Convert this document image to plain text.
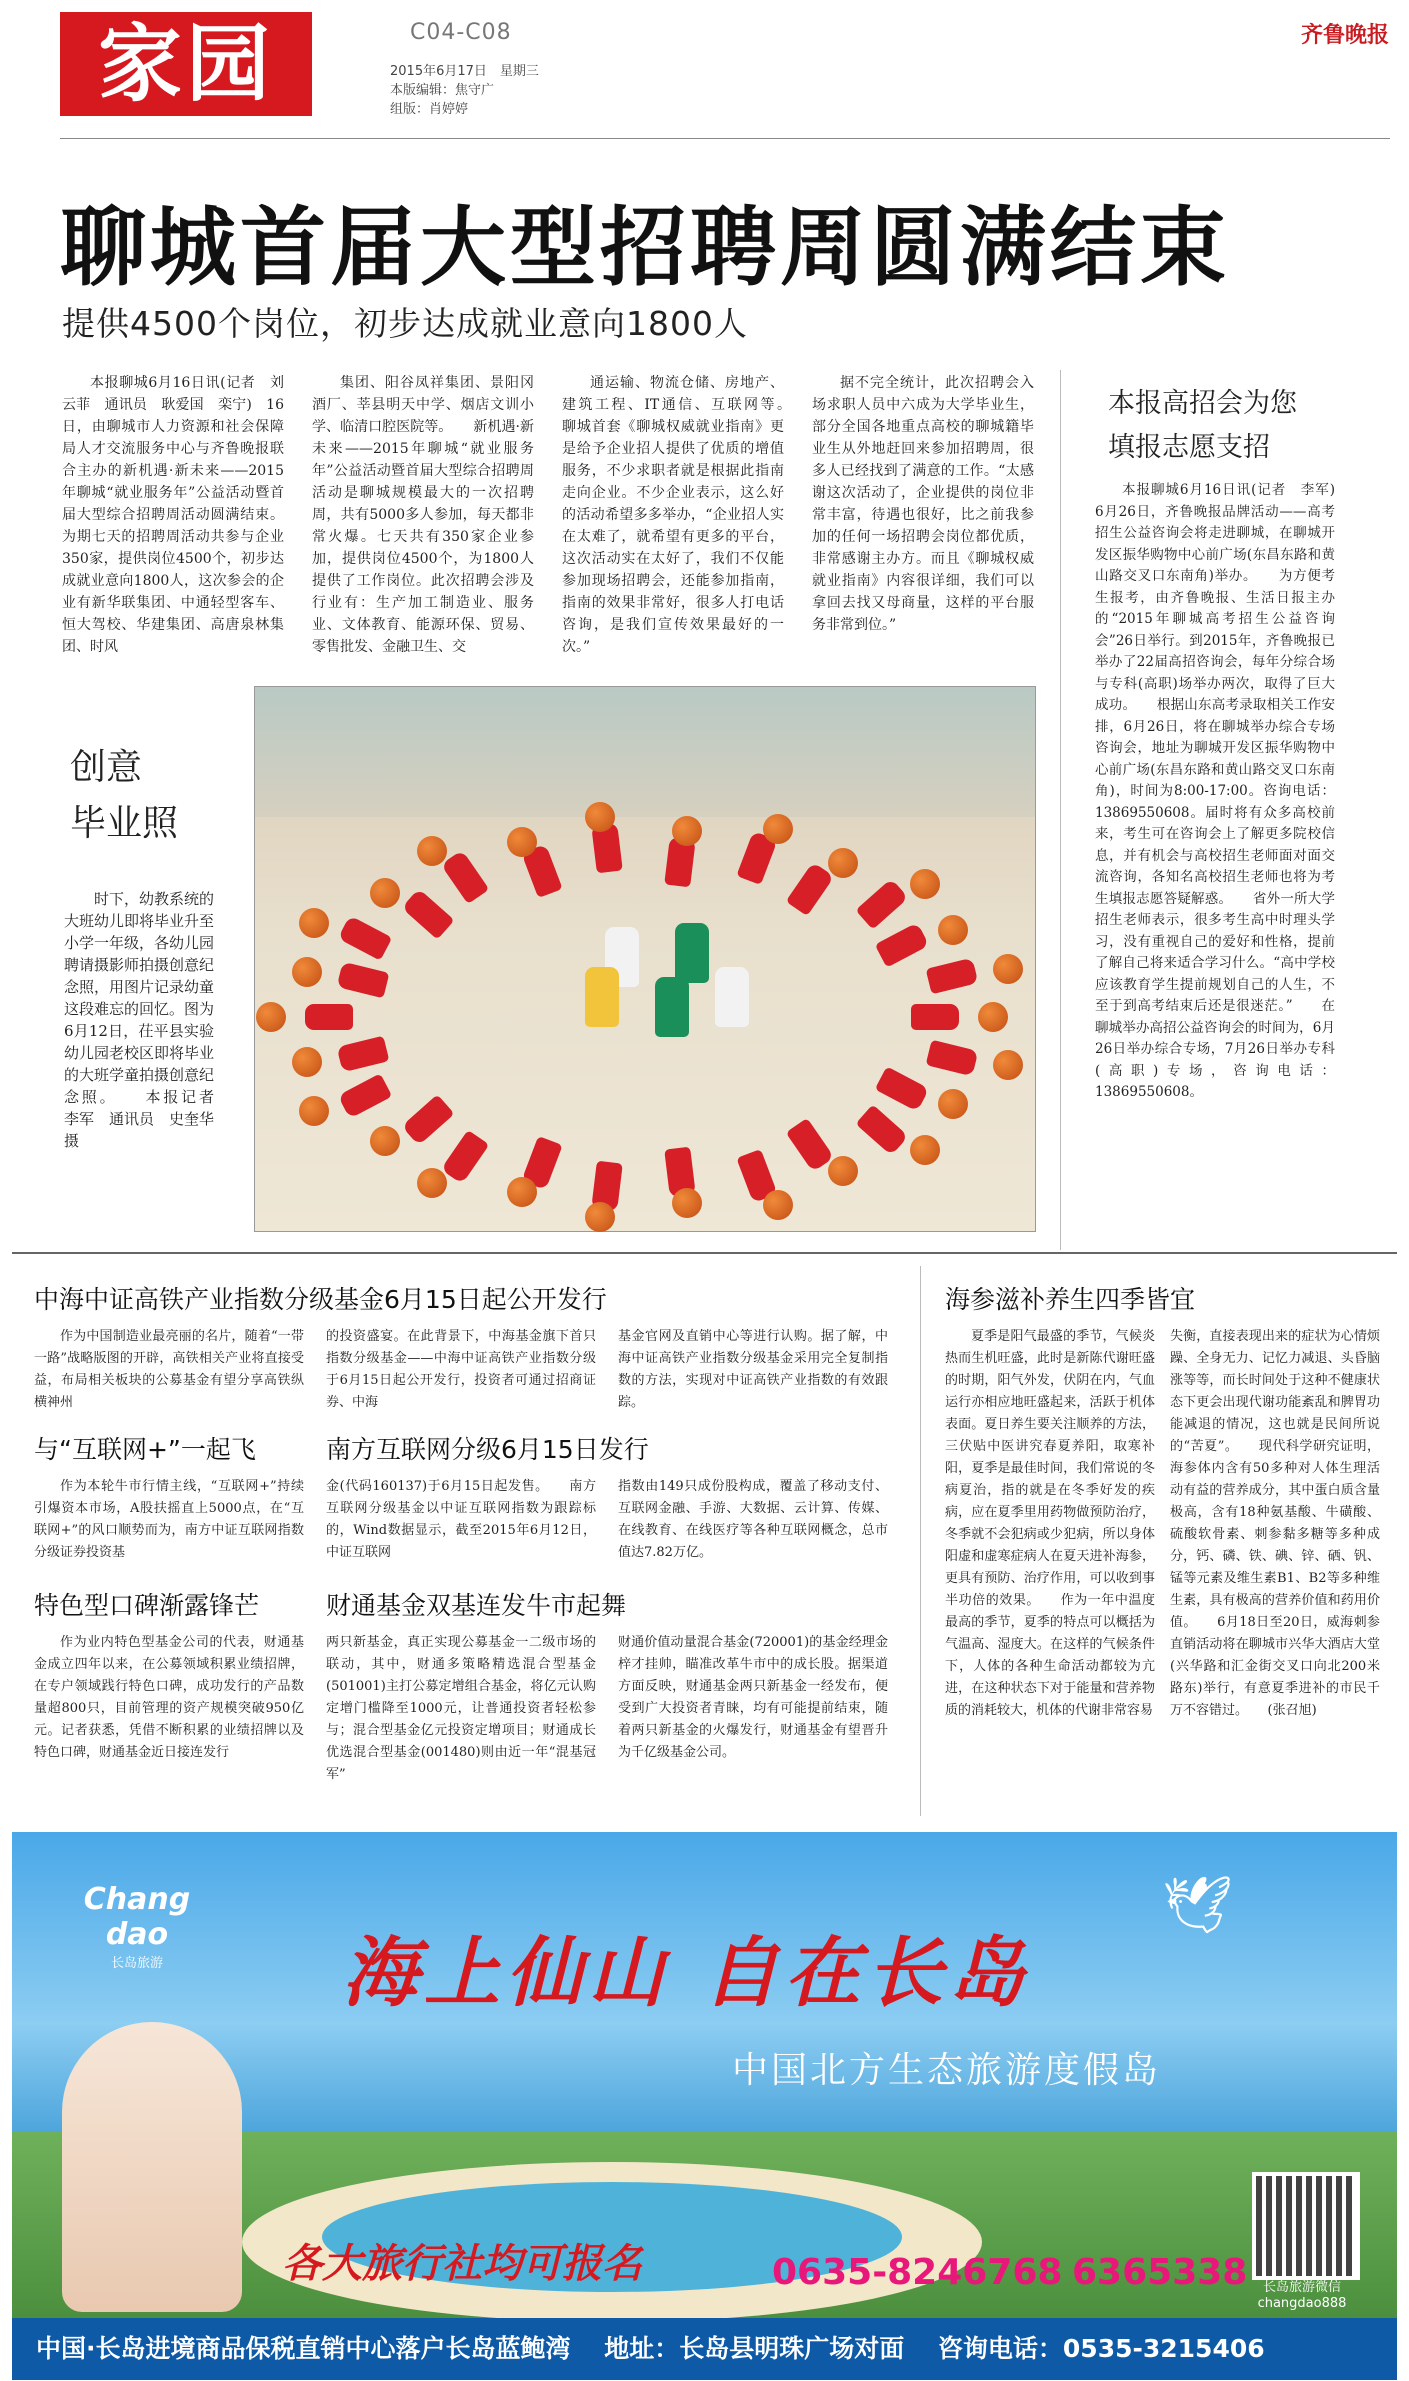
家园	C04-C08
2015年6月17日　星期三
本版编辑：焦守广
组版：肖婷婷
齐鲁晚报
聊城首届大型招聘周圆满结束
提供4500个岗位，初步达成就业意向1800人

本报聊城6月16日讯(记者　刘云菲　通讯员　耿爱国　栾宁)　16日，由聊城市人力资源和社会保障局人才交流服务中心与齐鲁晚报联合主办的新机遇·新未来——2015年聊城“就业服务年”公益活动暨首届大型综合招聘周活动圆满结束。为期七天的招聘周活动共参与企业350家，提供岗位4500个，初步达成就业意向1800人，这次参会的企业有新华联集团、中通轻型客车、恒大驾校、华建集团、高唐泉林集团、时风

集团、阳谷凤祥集团、景阳冈酒厂、莘县明天中学、烟店文训小学、临清口腔医院等。　　新机遇·新未来——2015年聊城“就业服务年”公益活动暨首届大型综合招聘周活动是聊城规模最大的一次招聘周，共有5000多人参加，每天都非常火爆。七天共有350家企业参加，提供岗位4500个，为1800人提供了工作岗位。此次招聘会涉及行业有：生产加工制造业、服务业、文体教育、能源环保、贸易、零售批发、金融卫生、交

通运输、物流仓储、房地产、建筑工程、IT通信、互联网等。　　聊城首套《聊城权威就业指南》更是给予企业招人提供了优质的增值服务，不少求职者就是根据此指南走向企业。不少企业表示，这么好的活动希望多多举办，“企业招人实在太难了，就希望有更多的平台，这次活动实在太好了，我们不仅能参加现场招聘会，还能参加指南，指南的效果非常好，很多人打电话咨询，是我们宣传效果最好的一次。”

据不完全统计，此次招聘会入场求职人员中六成为大学毕业生，部分全国各地重点高校的聊城籍毕业生从外地赶回来参加招聘周，很多人已经找到了满意的工作。“太感谢这次活动了，企业提供的岗位非常丰富，待遇也很好，比之前我参加的任何一场招聘会岗位都优质，非常感谢主办方。而且《聊城权威就业指南》内容很详细，我们可以拿回去找又母商量，这样的平台服务非常到位。”

本报高招会为您
填报志愿支招

本报聊城6月16日讯(记者　李军)　6月26日，齐鲁晚报品牌活动——高考招生公益咨询会将走进聊城，在聊城开发区振华购物中心前广场(东昌东路和黄山路交叉口东南角)举办。　　为方便考生报考，由齐鲁晚报、生活日报主办的“2015年聊城高考招生公益咨询会”26日举行。到2015年，齐鲁晚报已举办了22届高招咨询会，每年分综合场与专科(高职)场举办两次，取得了巨大成功。　　根据山东高考录取相关工作安排，6月26日，将在聊城举办综合专场咨询会，地址为聊城开发区振华购物中心前广场(东昌东路和黄山路交叉口东南角)，时间为8:00-17:00。咨询电话：13869550608。届时将有众多高校前来，考生可在咨询会上了解更多院校信息，并有机会与高校招生老师面对面交流咨询，各知名高校招生老师也将为考生填报志愿答疑解惑。　　省外一所大学招生老师表示，很多考生高中时理头学习，没有重视自己的爱好和性格，提前了解自己将来适合学习什么。“高中学校应该教育学生提前规划自己的人生，不至于到高考结束后还是很迷茫。”　　在聊城举办高招公益咨询会的时间为，6月26日举办综合专场，7月26日举办专科(高职)专场，咨询电话：13869550608。

创意
毕业照

时下，幼教系统的大班幼儿即将毕业升至小学一年级，各幼儿园聘请摄影师拍摄创意纪念照，用图片记录幼童这段难忘的回忆。图为6月12日，茌平县实验幼儿园老校区即将毕业的大班学童拍摄创意纪念照。　　本报记者　李军　通讯员　史奎华　摄

中海中证高铁产业指数分级基金6月15日起公开发行

作为中国制造业最亮丽的名片，随着“一带一路”战略版图的开辟，高铁相关产业将直接受益，布局相关板块的公募基金有望分享高铁纵横神州

的投资盛宴。在此背景下，中海基金旗下首只指数分级基金——中海中证高铁产业指数分级于6月15日起公开发行，投资者可通过招商证券、中海

基金官网及直销中心等进行认购。据了解，中海中证高铁产业指数分级基金采用完全复制指数的方法，实现对中证高铁产业指数的有效跟踪。

与“互联网+”一起飞	南方互联网分级6月15日发行

作为本轮牛市行情主线，“互联网+”持续引爆资本市场，A股扶摇直上5000点，在“互联网+”的风口顺势而为，南方中证互联网指数分级证券投资基

金(代码160137)于6月15日起发售。　　南方互联网分级基金以中证互联网指数为跟踪标的，Wind数据显示，截至2015年6月12日，中证互联网

指数由149只成份股构成，覆盖了移动支付、互联网金融、手游、大数据、云计算、传媒、在线教育、在线医疗等各种互联网概念，总市值达7.82万亿。

特色型口碑渐露锋芒	财通基金双基连发牛市起舞

作为业内特色型基金公司的代表，财通基金成立四年以来，在公募领域积累业绩招牌，在专户领域践行特色口碑，成功发行的产品数量超800只，目前管理的资产规模突破950亿元。记者获悉，凭借不断积累的业绩招牌以及特色口碑，财通基金近日接连发行

两只新基金，真正实现公募基金一二级市场的联动，其中，财通多策略精选混合型基金(501001)主打公募定增组合基金，将亿元认购定增门槛降至1000元，让普通投资者轻松参与；混合型基金亿元投资定增项目；财通成长优选混合型基金(001480)则由近一年“混基冠军”

财通价值动量混合基金(720001)的基金经理金梓才挂帅，瞄准改革牛市中的成长股。据渠道方面反映，财通基金两只新基金一经发布，便受到广大投资者青睐，均有可能提前结束，随着两只新基金的火爆发行，财通基金有望晋升为千亿级基金公司。

海参滋补养生四季皆宜

夏季是阳气最盛的季节，气候炎热而生机旺盛，此时是新陈代谢旺盛的时期，阳气外发，伏阴在内，气血运行亦相应地旺盛起来，活跃于机体表面。夏日养生要关注顺养的方法，三伏贴中医讲究春夏养阳，取寒补阳，夏季是最佳时间，我们常说的冬病夏治，指的就是在冬季好发的疾病，应在夏季里用药物做预防治疗，冬季就不会犯病或少犯病，所以身体阳虚和虚寒症病人在夏天进补海参，更具有预防、治疗作用，可以收到事半功倍的效果。　　作为一年中温度最高的季节，夏季的特点可以概括为气温高、湿度大。在这样的气候条件下，人体的各种生命活动都较为亢进，在这种状态下对于能量和营养物质的消耗较大，机体的代谢非常容易

失衡，直接表现出来的症状为心情烦躁、全身无力、记忆力减退、头昏脑涨等等，而长时间处于这种不健康状态下更会出现代谢功能紊乱和脾胃功能减退的情况，这也就是民间所说的“苦夏”。　　现代科学研究证明，海参体内含有50多种对人体生理活动有益的营养成分，其中蛋白质含量极高，含有18种氨基酸、牛磺酸、硫酸软骨素、刺参黏多糖等多种成分，钙、磷、铁、碘、锌、硒、钒、锰等元素及维生素B1、B2等多种维生素，具有极高的营养价值和药用价值。　　6月18日至20日，威海刺参直销活动将在聊城市兴华大酒店大堂(兴华路和汇金街交叉口向北200米路东)举行，有意夏季进补的市民千万不容错过。　　(张召旭)

Chang dao
长岛旅游	海上仙山 自在长岛
🕊
中国北方生态旅游度假岛
各大旅行社均可报名	0635-8246768 6365338	长岛旅游微信
changdao888
中国·长岛进境商品保税直销中心落户长岛蓝鲍湾　 地址：长岛县明珠广场对面　 咨询电话：0535-3215406
